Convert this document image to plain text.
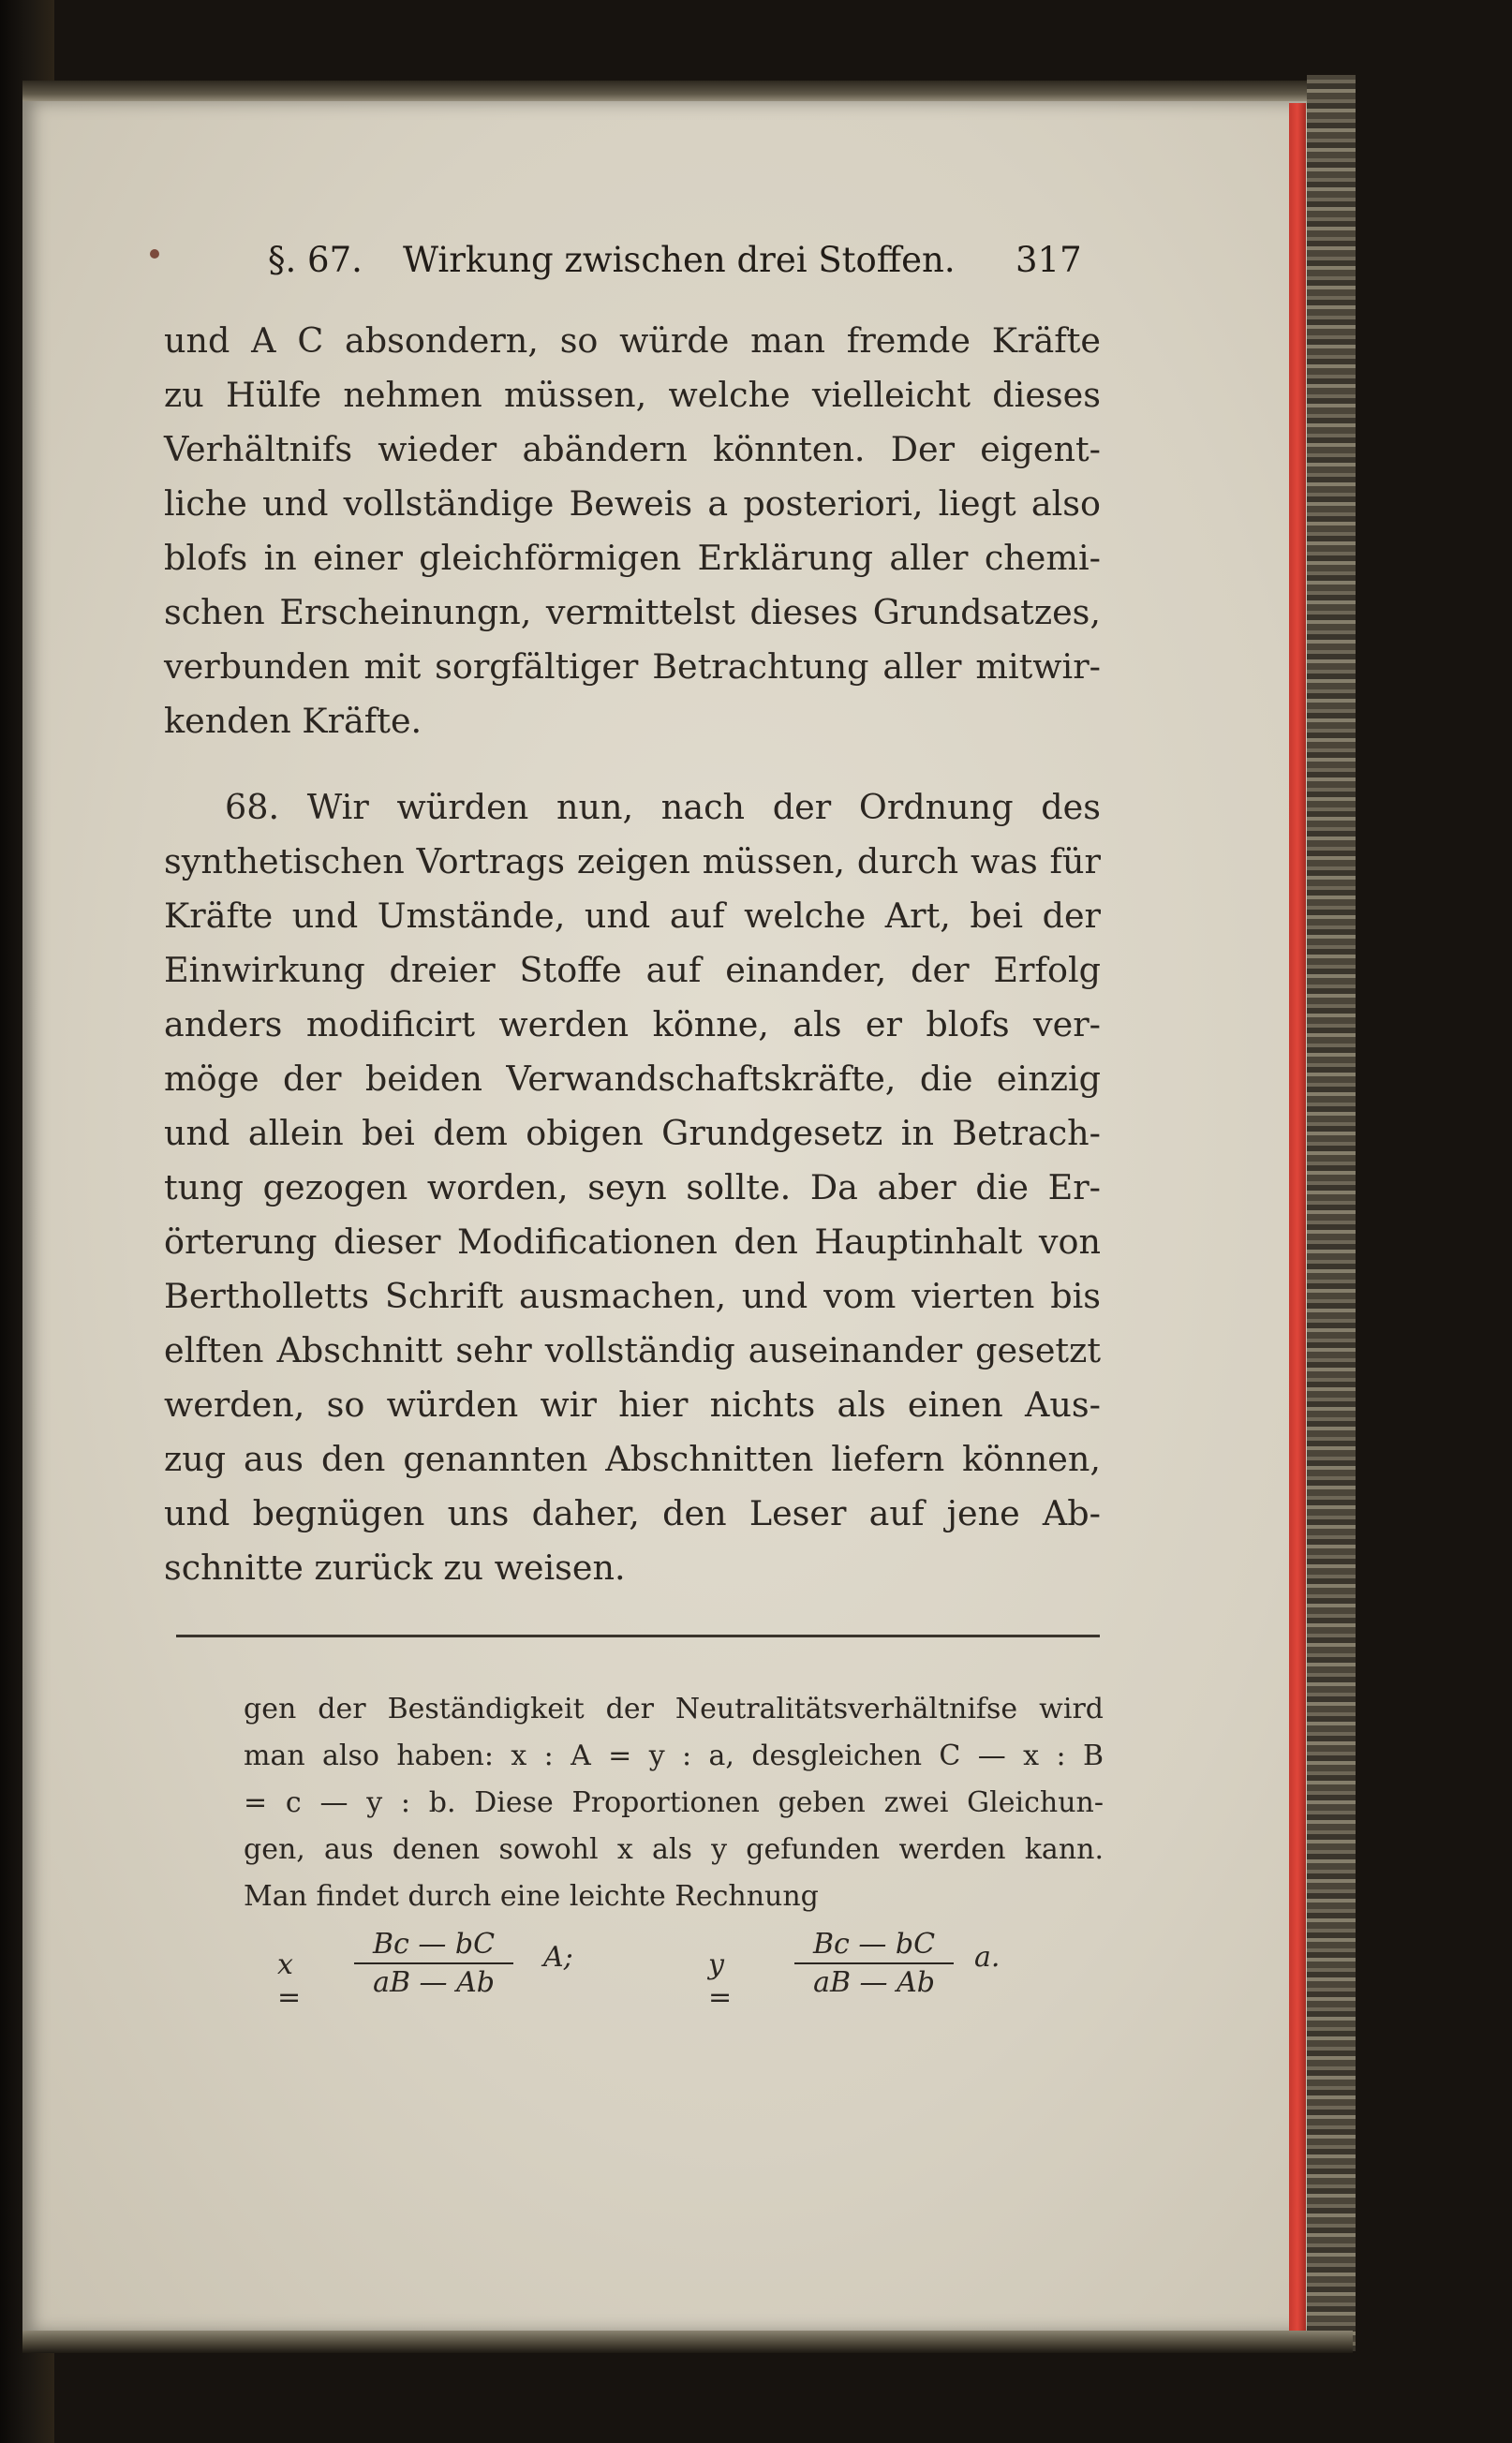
§. 67. Wirkung zwischen drei Stoffen. 317
und A C absondern, so würde man fremde Kräfte
zu Hülfe nehmen müssen, welche vielleicht dieses
Verhältnifs wieder abändern könnten. Der eigent-
liche und vollständige Beweis a posteriori, liegt also
blofs in einer gleichförmigen Erklärung aller chemi-
schen Erscheinungn, vermittelst dieses Grundsatzes,
verbunden mit sorgfältiger Betrachtung aller mitwir-
kenden Kräfte.
68. Wir würden nun, nach der Ordnung des
synthetischen Vortrags zeigen müssen, durch was für
Kräfte und Umstände, und auf welche Art, bei der
Einwirkung dreier Stoffe auf einander, der Erfolg
anders modificirt werden könne, als er blofs ver-
möge der beiden Verwandschaftskräfte, die einzig
und allein bei dem obigen Grundgesetz in Betrach-
tung gezogen worden, seyn sollte. Da aber die Er-
örterung dieser Modificationen den Hauptinhalt von
Bertholletts Schrift ausmachen, und vom vierten bis
elften Abschnitt sehr vollständig auseinander gesetzt
werden, so würden wir hier nichts als einen Aus-
zug aus den genannten Abschnitten liefern können,
und begnügen uns daher, den Leser auf jene Ab-
schnitte zurück zu weisen.
gen der Beständigkeit der Neutralitätsverhältnifse wird
man also haben: x : A = y : a, desgleichen C — x : B
= c — y : b. Diese Proportionen geben zwei Gleichun-
gen, aus denen sowohl x als y gefunden werden kann.
Man findet durch eine leichte Rechnung
x =
Bc — bC
aB — Ab
A;	y =
Bc — bC
aB — Ab
a.
